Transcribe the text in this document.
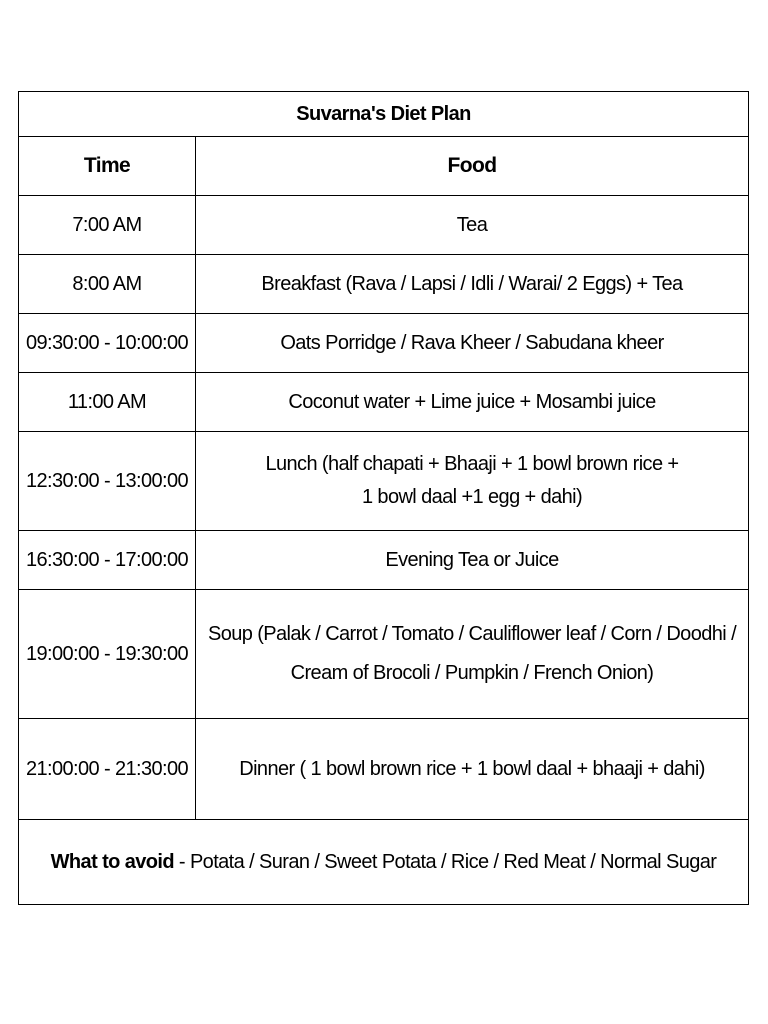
Suvarna's Diet Plan	
Time	Food
7:00 AM	Tea

8:00 AM	Breakfast (Rava / Lapsi / Idli / Warai/ 2 Eggs) + Tea

09:30:00 - 10:00:00	Oats Porridge / Rava Kheer / Sabudana kheer

11:00 AM	Coconut water + Lime juice + Mosambi juice

12:30:00 - 13:00:00	Lunch (half chapati + Bhaaji + 1 bowl brown rice +
1 bowl daal +1 egg + dahi)

16:30:00 - 17:00:00	Evening Tea or Juice

19:00:00 - 19:30:00	Soup (Palak / Carrot / Tomato / Cauliflower leaf / Corn / Doodhi /
Cream of Brocoli / Pumpkin / French Onion)

21:00:00 - 21:30:00	Dinner ( 1 bowl brown rice + 1 bowl daal + bhaaji + dahi)

What to avoid - Potata / Suran / Sweet Potata / Rice / Red Meat / Normal Sugar	
